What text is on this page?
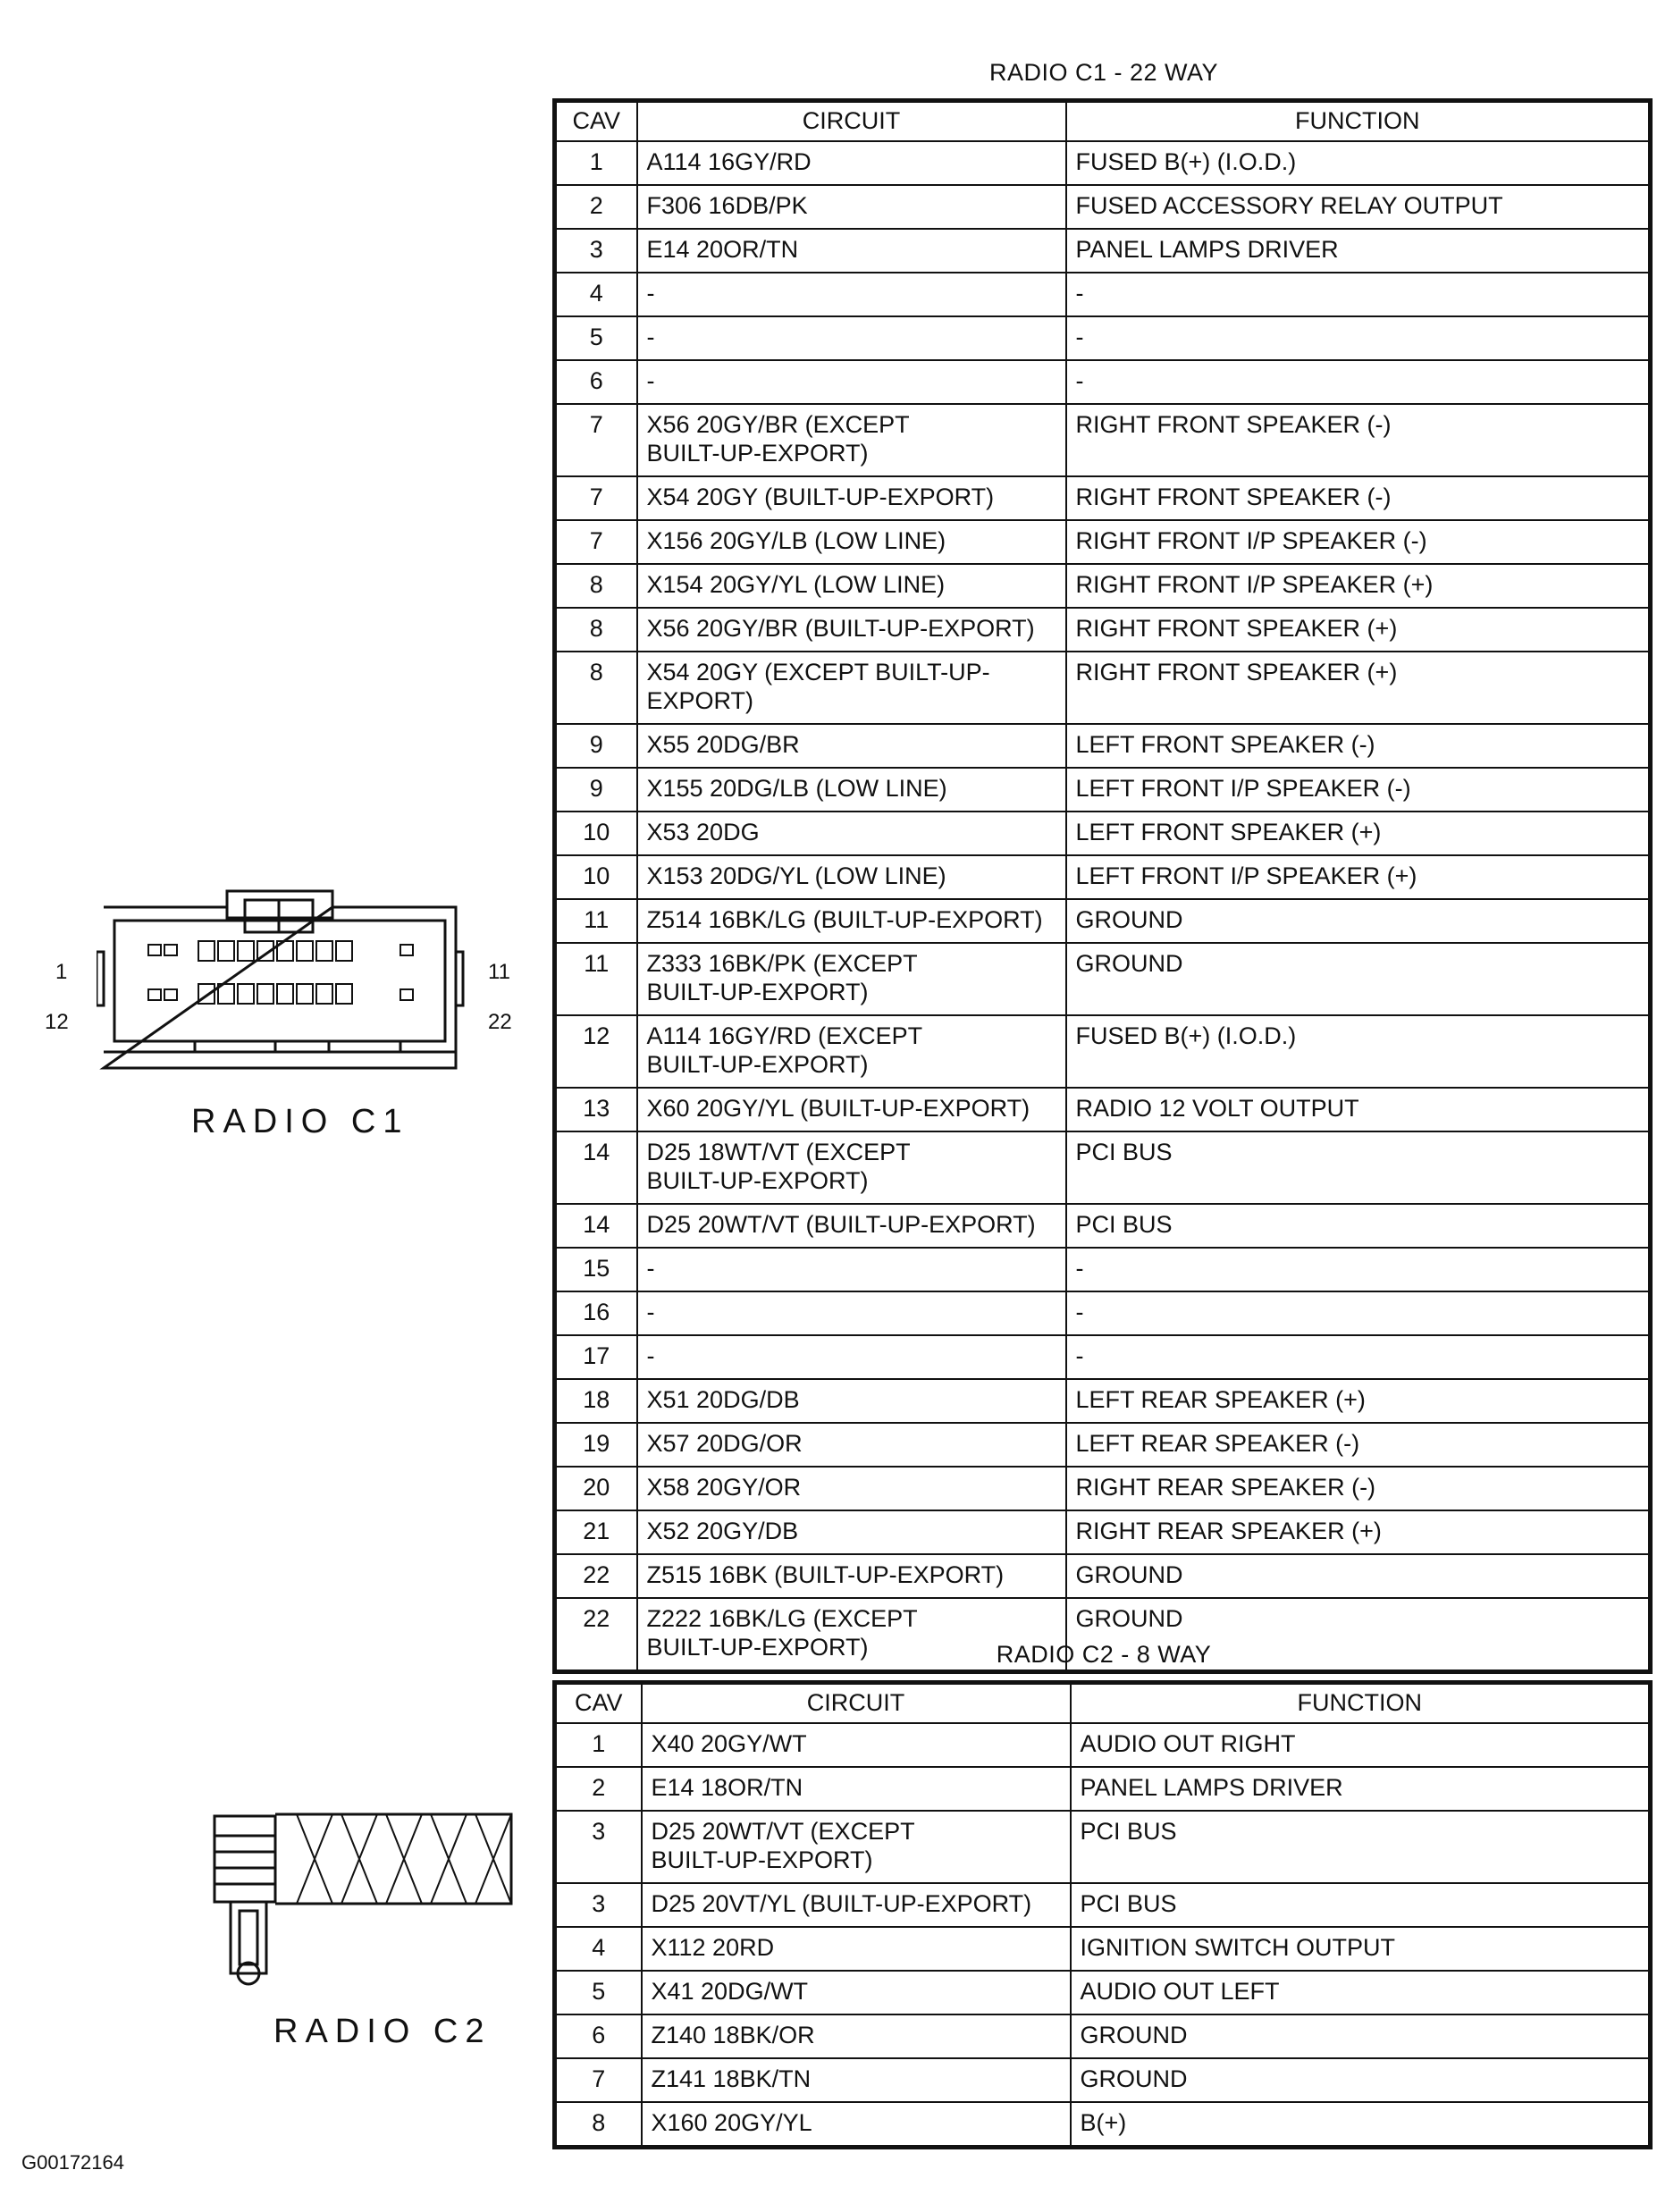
RADIO C1 - 22 WAY
CAV	CIRCUIT	FUNCTION

1	A114 16GY/RD	FUSED B(+) (I.O.D.)

2	F306 16DB/PK	FUSED ACCESSORY RELAY OUTPUT

3	E14 20OR/TN	PANEL LAMPS DRIVER

4	-	-

5	-	-

6	-	-

7	X56 20GY/BR (EXCEPT
BUILT-UP-EXPORT)	RIGHT FRONT SPEAKER (-)

7	X54 20GY (BUILT-UP-EXPORT)	RIGHT FRONT SPEAKER (-)

7	X156 20GY/LB (LOW LINE)	RIGHT FRONT I/P SPEAKER (-)

8	X154 20GY/YL (LOW LINE)	RIGHT FRONT I/P SPEAKER (+)

8	X56 20GY/BR (BUILT-UP-EXPORT)	RIGHT FRONT SPEAKER (+)

8	X54 20GY (EXCEPT BUILT-UP-EXPORT)	RIGHT FRONT SPEAKER (+)

9	X55 20DG/BR	LEFT FRONT SPEAKER (-)

9	X155 20DG/LB (LOW LINE)	LEFT FRONT I/P SPEAKER (-)

10	X53 20DG	LEFT FRONT SPEAKER (+)

10	X153 20DG/YL (LOW LINE)	LEFT FRONT I/P SPEAKER (+)

11	Z514 16BK/LG (BUILT-UP-EXPORT)	GROUND

11	Z333 16BK/PK (EXCEPT
BUILT-UP-EXPORT)	GROUND

12	A114 16GY/RD (EXCEPT
BUILT-UP-EXPORT)	FUSED B(+) (I.O.D.)

13	X60 20GY/YL (BUILT-UP-EXPORT)	RADIO 12 VOLT OUTPUT

14	D25 18WT/VT (EXCEPT
BUILT-UP-EXPORT)	PCI BUS

14	D25 20WT/VT (BUILT-UP-EXPORT)	PCI BUS

15	-	-

16	-	-

17	-	-

18	X51 20DG/DB	LEFT REAR SPEAKER (+)

19	X57 20DG/OR	LEFT REAR SPEAKER (-)

20	X58 20GY/OR	RIGHT REAR SPEAKER (-)

21	X52 20GY/DB	RIGHT REAR SPEAKER (+)

22	Z515 16BK (BUILT-UP-EXPORT)	GROUND

22	Z222 16BK/LG (EXCEPT
BUILT-UP-EXPORT)	GROUND
RADIO C2 - 8 WAY
CAV	CIRCUIT	FUNCTION

1	X40 20GY/WT	AUDIO OUT RIGHT

2	E14 18OR/TN	PANEL LAMPS DRIVER

3	D25 20WT/VT (EXCEPT
BUILT-UP-EXPORT)	PCI BUS

3	D25 20VT/YL (BUILT-UP-EXPORT)	PCI BUS

4	X112 20RD	IGNITION SWITCH OUTPUT

5	X41 20DG/WT	AUDIO OUT LEFT

6	Z140 18BK/OR	GROUND

7	Z141 18BK/TN	GROUND

8	X160 20GY/YL	B(+)
1
12
11
22
RADIO C1
RADIO C2
G00172164
